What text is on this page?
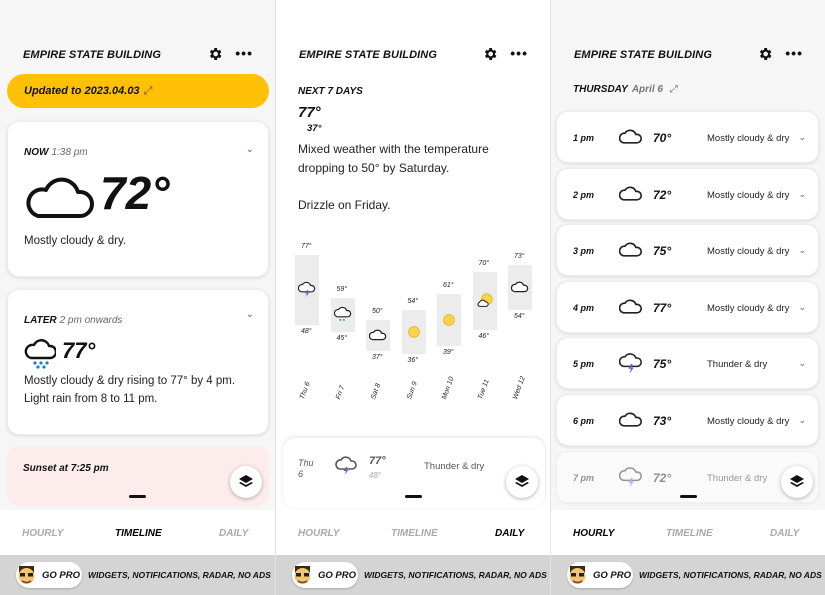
EMPIRE STATE BUILDING	•••
Updated to 2023.04.03 ⤢
NOW 1:38 pm	⌄
72°
Mostly cloudy & dry.
LATER 2 pm onwards
⌄
77°
Mostly cloudy & dry rising to 77° by 4 pm.
Light rain from 8 to 11 pm.
Sunset at 7:25 pm
HOURLY	TIMELINE	DAILY
GO PRO WIDGETS, NOTIFICATIONS, RADAR, NO ADS
EMPIRE STATE BUILDING	•••
NEXT 7 DAYS
77°
37°
Mixed weather with the temperature dropping to 50° by Saturday.
Drizzle on Friday.
77°
48°
Thu 6
59°
45°
Fri 7
50°
37°
Sat 8
54°
36°
Sun 9
61°
39°
Mon 10
70°
46°
Tue 11
73°
54°
Wed 12
Thu
6
77°
48°
Thunder & dry
HOURLY	TIMELINE	DAILY
GO PRO WIDGETS, NOTIFICATIONS, RADAR, NO ADS
EMPIRE STATE BUILDING	•••
THURSDAY April 6 ⤢
1 pm	70°	Mostly cloudy & dry ⌄
2 pm	72°	Mostly cloudy & dry ⌄
3 pm	75°	Mostly cloudy & dry ⌄
4 pm	77°	Mostly cloudy & dry ⌄
5 pm	75°	Thunder & dry	⌄
6 pm	73°	Mostly cloudy & dry ⌄
7 pm	72°	Thunder & dry
HOURLY	TIMELINE	DAILY
GO PRO WIDGETS, NOTIFICATIONS, RADAR, NO ADS
